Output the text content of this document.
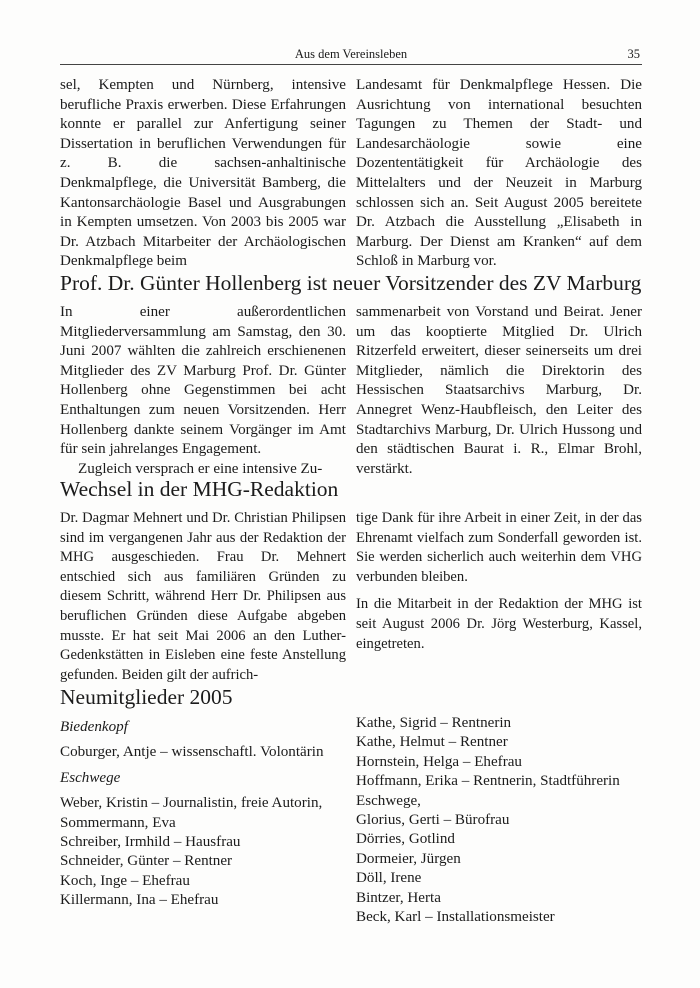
Aus dem Vereinsleben	35

sel, Kempten und Nürnberg, intensive berufliche Praxis erwerben. Diese Erfahrungen konnte er parallel zur Anfertigung seiner Dissertation in beruflichen Verwendungen für z. B. die sachsen-anhaltinische Denkmalpflege, die Universität Bamberg, die Kantonsarchäologie Basel und Ausgrabungen in Kempten umsetzen. Von 2003 bis 2005 war Dr. Atzbach Mitarbeiter der Archäologischen Denkmalpflege beim

Landesamt für Denkmalpflege Hessen. Die Ausrichtung von international besuchten Tagungen zu Themen der Stadt- und Landesarchäologie sowie eine Dozententätigkeit für Archäologie des Mittelalters und der Neuzeit in Marburg schlossen sich an. Seit August 2005 bereitete Dr. Atzbach die Ausstellung „Elisabeth in Marburg. Der Dienst am Kranken“ auf dem Schloß in Marburg vor.

Prof. Dr. Günter Hollenberg ist neuer Vorsitzender des ZV Marburg

In einer außerordentlichen Mitgliederversammlung am Samstag, den 30. Juni 2007 wählten die zahlreich erschienenen Mitglieder des ZV Marburg Prof. Dr. Günter Hollenberg ohne Gegenstimmen bei acht Enthaltungen zum neuen Vorsitzenden. Herr Hollenberg dankte seinem Vorgänger im Amt für sein jahrelanges Engagement.

Zugleich versprach er eine intensive Zu-

sammenarbeit von Vorstand und Beirat. Jener um das kooptierte Mitglied Dr. Ulrich Ritzerfeld erweitert, dieser seinerseits um drei Mitglieder, nämlich die Direktorin des Hessischen Staatsarchivs Marburg, Dr. Annegret Wenz-Haubfleisch, den Leiter des Stadtarchivs Marburg, Dr. Ulrich Hussong und den städtischen Baurat i. R., Elmar Brohl, verstärkt.

Wechsel in der MHG-Redaktion

Dr. Dagmar Mehnert und Dr. Christian Philipsen sind im vergangenen Jahr aus der Redaktion der MHG ausgeschieden. Frau Dr. Mehnert entschied sich aus familiären Gründen zu diesem Schritt, während Herr Dr. Philipsen aus beruflichen Gründen diese Aufgabe abgeben musste. Er hat seit Mai 2006 an den Luther-Gedenkstätten in Eisleben eine feste Anstellung gefunden. Beiden gilt der aufrich-

tige Dank für ihre Arbeit in einer Zeit, in der das Ehrenamt vielfach zum Sonderfall geworden ist. Sie werden sicherlich auch weiterhin dem VHG verbunden bleiben.

In die Mitarbeit in der Redaktion der MHG ist seit August 2006 Dr. Jörg Westerburg, Kassel, eingetreten.

Neumitglieder 2005
Biedenkopf
Coburger, Antje – wissenschaftl. Volontärin
Eschwege
Weber, Kristin – Journalistin, freie Autorin,
Sommermann, Eva
Schreiber, Irmhild – Hausfrau
Schneider, Günter – Rentner
Koch, Inge – Ehefrau
Killermann, Ina – Ehefrau
Kathe, Sigrid – Rentnerin
Kathe, Helmut – Rentner
Hornstein, Helga – Ehefrau
Hoffmann, Erika – Rentnerin, Stadtführerin
Eschwege,
Glorius, Gerti – Bürofrau
Dörries, Gotlind
Dormeier, Jürgen
Döll, Irene
Bintzer, Herta
Beck, Karl – Installationsmeister
